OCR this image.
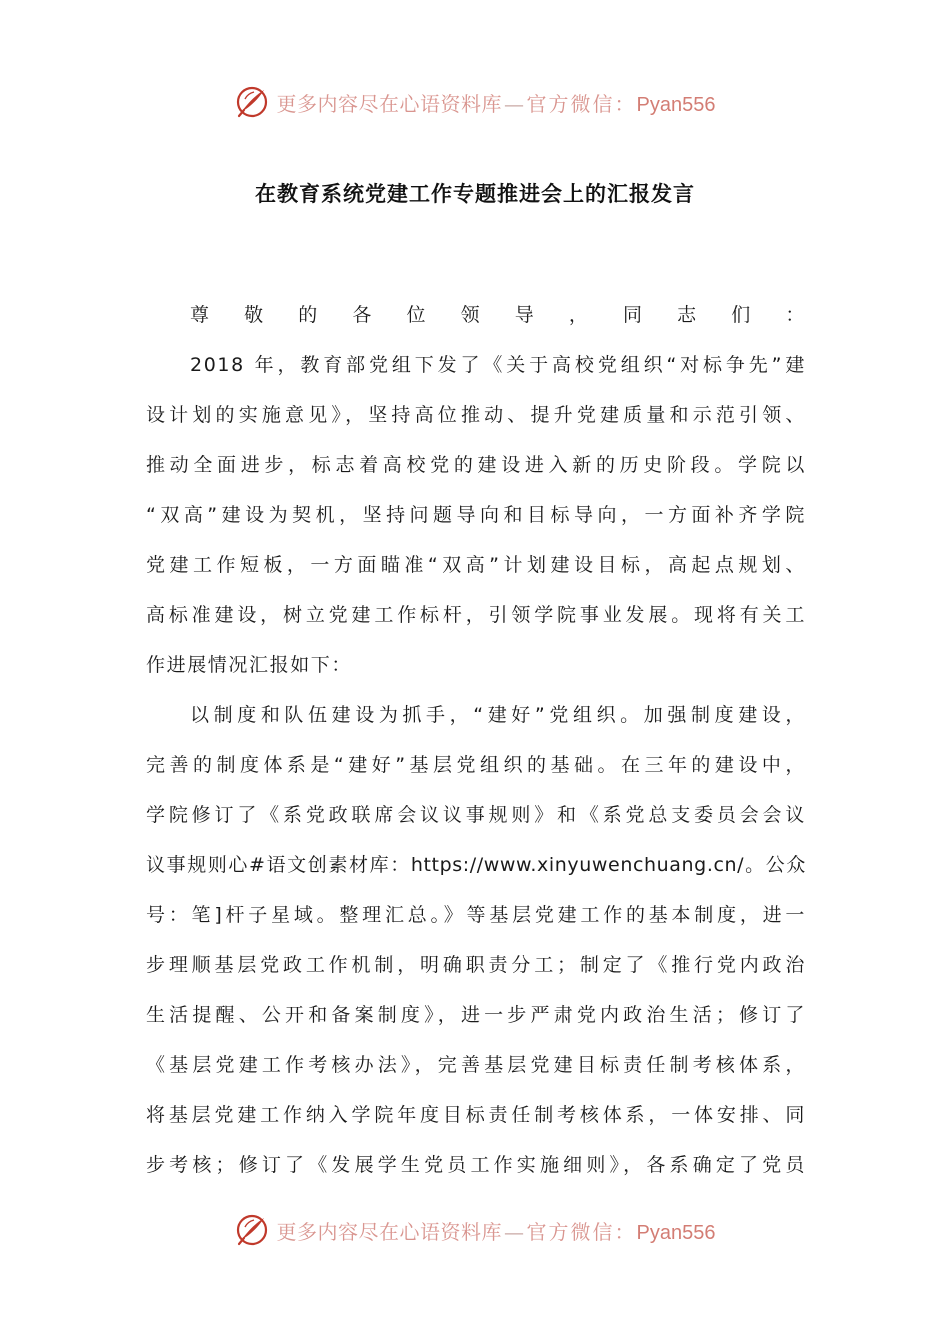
更多内容尽在心语资料库 — 官方微信：Pyan556
在教育系统党建工作专题推进会上的汇报发言
尊敬的各位领导，同志们：
2018 年，教育部党组下发了《关于高校党组织“对标争先”建
设计划的实施意见》，坚持高位推动、提升党建质量和示范引领、
推动全面进步，标志着高校党的建设进入新的历史阶段。学院以
“双高”建设为契机，坚持问题导向和目标导向，一方面补齐学院
党建工作短板，一方面瞄准“双高”计划建设目标，高起点规划、
高标准建设，树立党建工作标杆，引领学院事业发展。现将有关工
作进展情况汇报如下：
以制度和队伍建设为抓手，“建好”党组织。加强制度建设，
完善的制度体系是“建好”基层党组织的基础。在三年的建设中，
学院修订了《系党政联席会议议事规则》和《系党总支委员会会议
议事规则心#语文创素材库：https://www.xinyuwenchuang.cn/。公众
号：笔]杆子星域。整理汇总。》等基层党建工作的基本制度，进一
步理顺基层党政工作机制，明确职责分工；制定了《推行党内政治
生活提醒、公开和备案制度》，进一步严肃党内政治生活；修订了
《基层党建工作考核办法》，完善基层党建目标责任制考核体系，
将基层党建工作纳入学院年度目标责任制考核体系，一体安排、同
步考核；修订了《发展学生党员工作实施细则》，各系确定了党员
更多内容尽在心语资料库 — 官方微信：Pyan556
